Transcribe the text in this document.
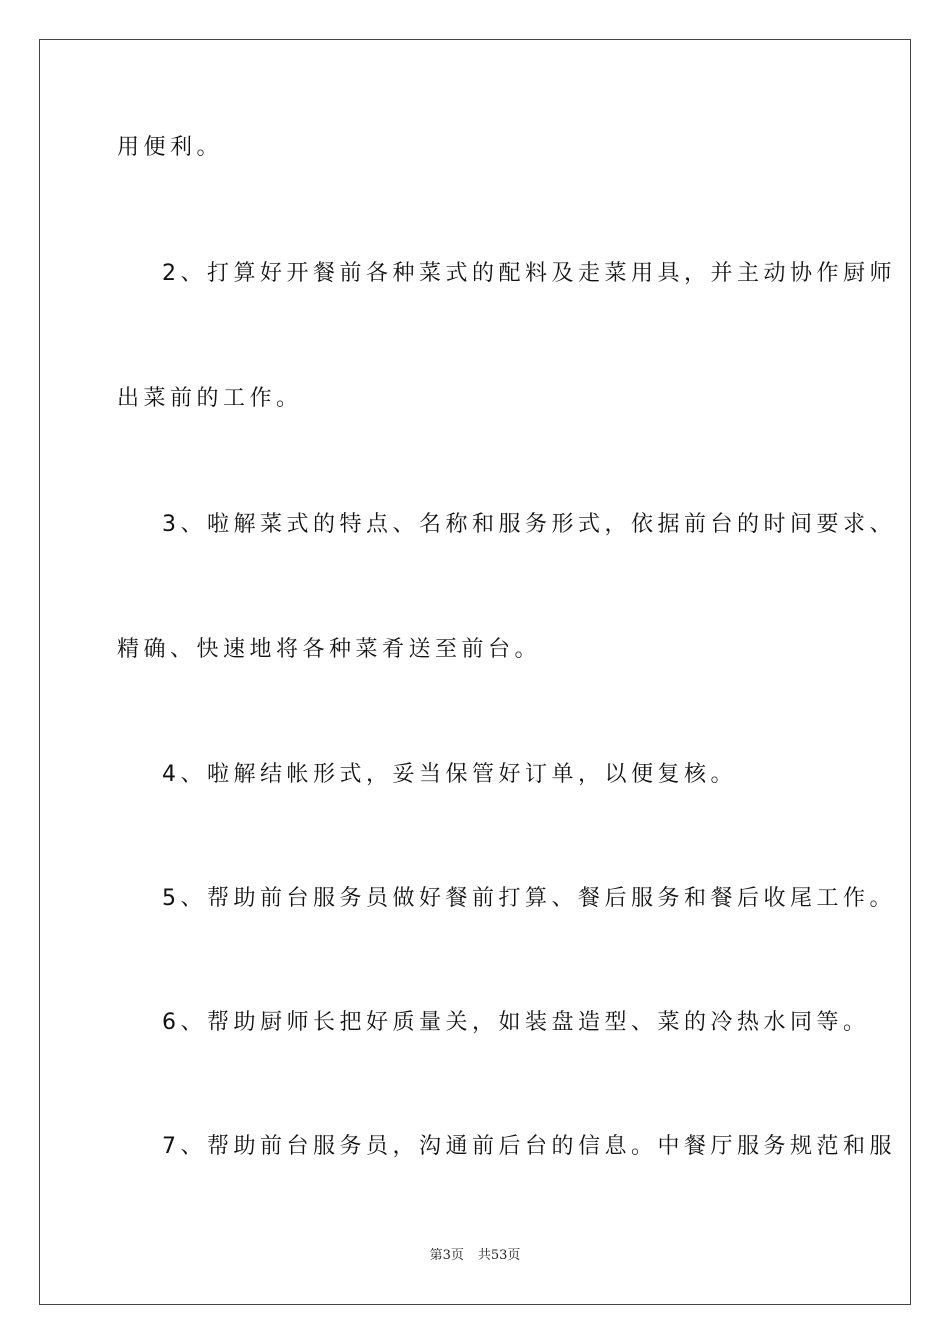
用便利。

2、打算好开餐前各种菜式的配料及走菜用具，并主动协作厨师

出菜前的工作。

3、啦解菜式的特点、名称和服务形式，依据前台的时间要求、

精确、快速地将各种菜肴送至前台。

4、啦解结帐形式，妥当保管好订单，以便复核。

5、帮助前台服务员做好餐前打算、餐后服务和餐后收尾工作。

6、帮助厨师长把好质量关，如装盘造型、菜的冷热水同等。

7、帮助前台服务员，沟通前后台的信息。中餐厅服务规范和服

第3页 共53页
